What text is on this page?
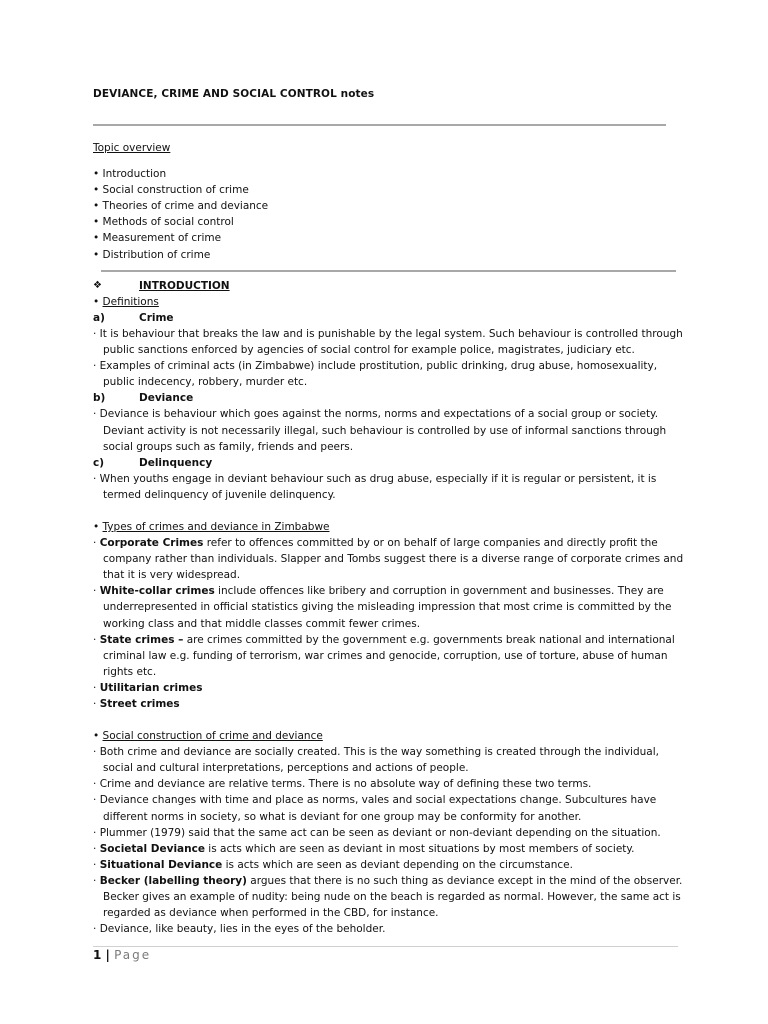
DEVIANCE, CRIME AND SOCIAL CONTROL notes

Topic overview

• Introduction

• Social construction of crime

• Theories of crime and deviance

• Methods of social control

• Measurement of crime

• Distribution of crime

❖	INTRODUCTION

• Definitions

a)	Crime

· It is behaviour that breaks the law and is punishable by the legal system. Such behaviour is controlled through public sanctions enforced by agencies of social control for example police, magistrates, judiciary etc.

· Examples of criminal acts (in Zimbabwe) include prostitution, public drinking, drug abuse, homosexuality, public indecency, robbery, murder etc.

b)	Deviance

· Deviance is behaviour which goes against the norms, norms and expectations of a social group or society. Deviant activity is not necessarily illegal, such behaviour is controlled by use of informal sanctions through social groups such as family, friends and peers.

c)	Delinquency

· When youths engage in deviant behaviour such as drug abuse, especially if it is regular or persistent, it is termed delinquency of juvenile delinquency.

• Types of crimes and deviance in Zimbabwe

· Corporate Crimes refer to offences committed by or on behalf of large companies and directly profit the company rather than individuals. Slapper and Tombs suggest there is a diverse range of corporate crimes and that it is very widespread.

· White-collar crimes include offences like bribery and corruption in government and businesses. They are underrepresented in official statistics giving the misleading impression that most crime is committed by the working class and that middle classes commit fewer crimes.

· State crimes – are crimes committed by the government e.g. governments break national and international criminal law e.g. funding of terrorism, war crimes and genocide, corruption, use of torture, abuse of human rights etc.

· Utilitarian crimes

· Street crimes

• Social construction of crime and deviance

· Both crime and deviance are socially created. This is the way something is created through the individual, social and cultural interpretations, perceptions and actions of people.

· Crime and deviance are relative terms. There is no absolute way of defining these two terms.

· Deviance changes with time and place as norms, vales and social expectations change. Subcultures have different norms in society, so what is deviant for one group may be conformity for another.

· Plummer (1979) said that the same act can be seen as deviant or non-deviant depending on the situation.

· Societal Deviance is acts which are seen as deviant in most situations by most members of society.

· Situational Deviance is acts which are seen as deviant depending on the circumstance.

· Becker (labelling theory) argues that there is no such thing as deviance except in the mind of the observer. Becker gives an example of nudity: being nude on the beach is regarded as normal. However, the same act is regarded as deviance when performed in the CBD, for instance.

· Deviance, like beauty, lies in the eyes of the beholder.

1 | Page
